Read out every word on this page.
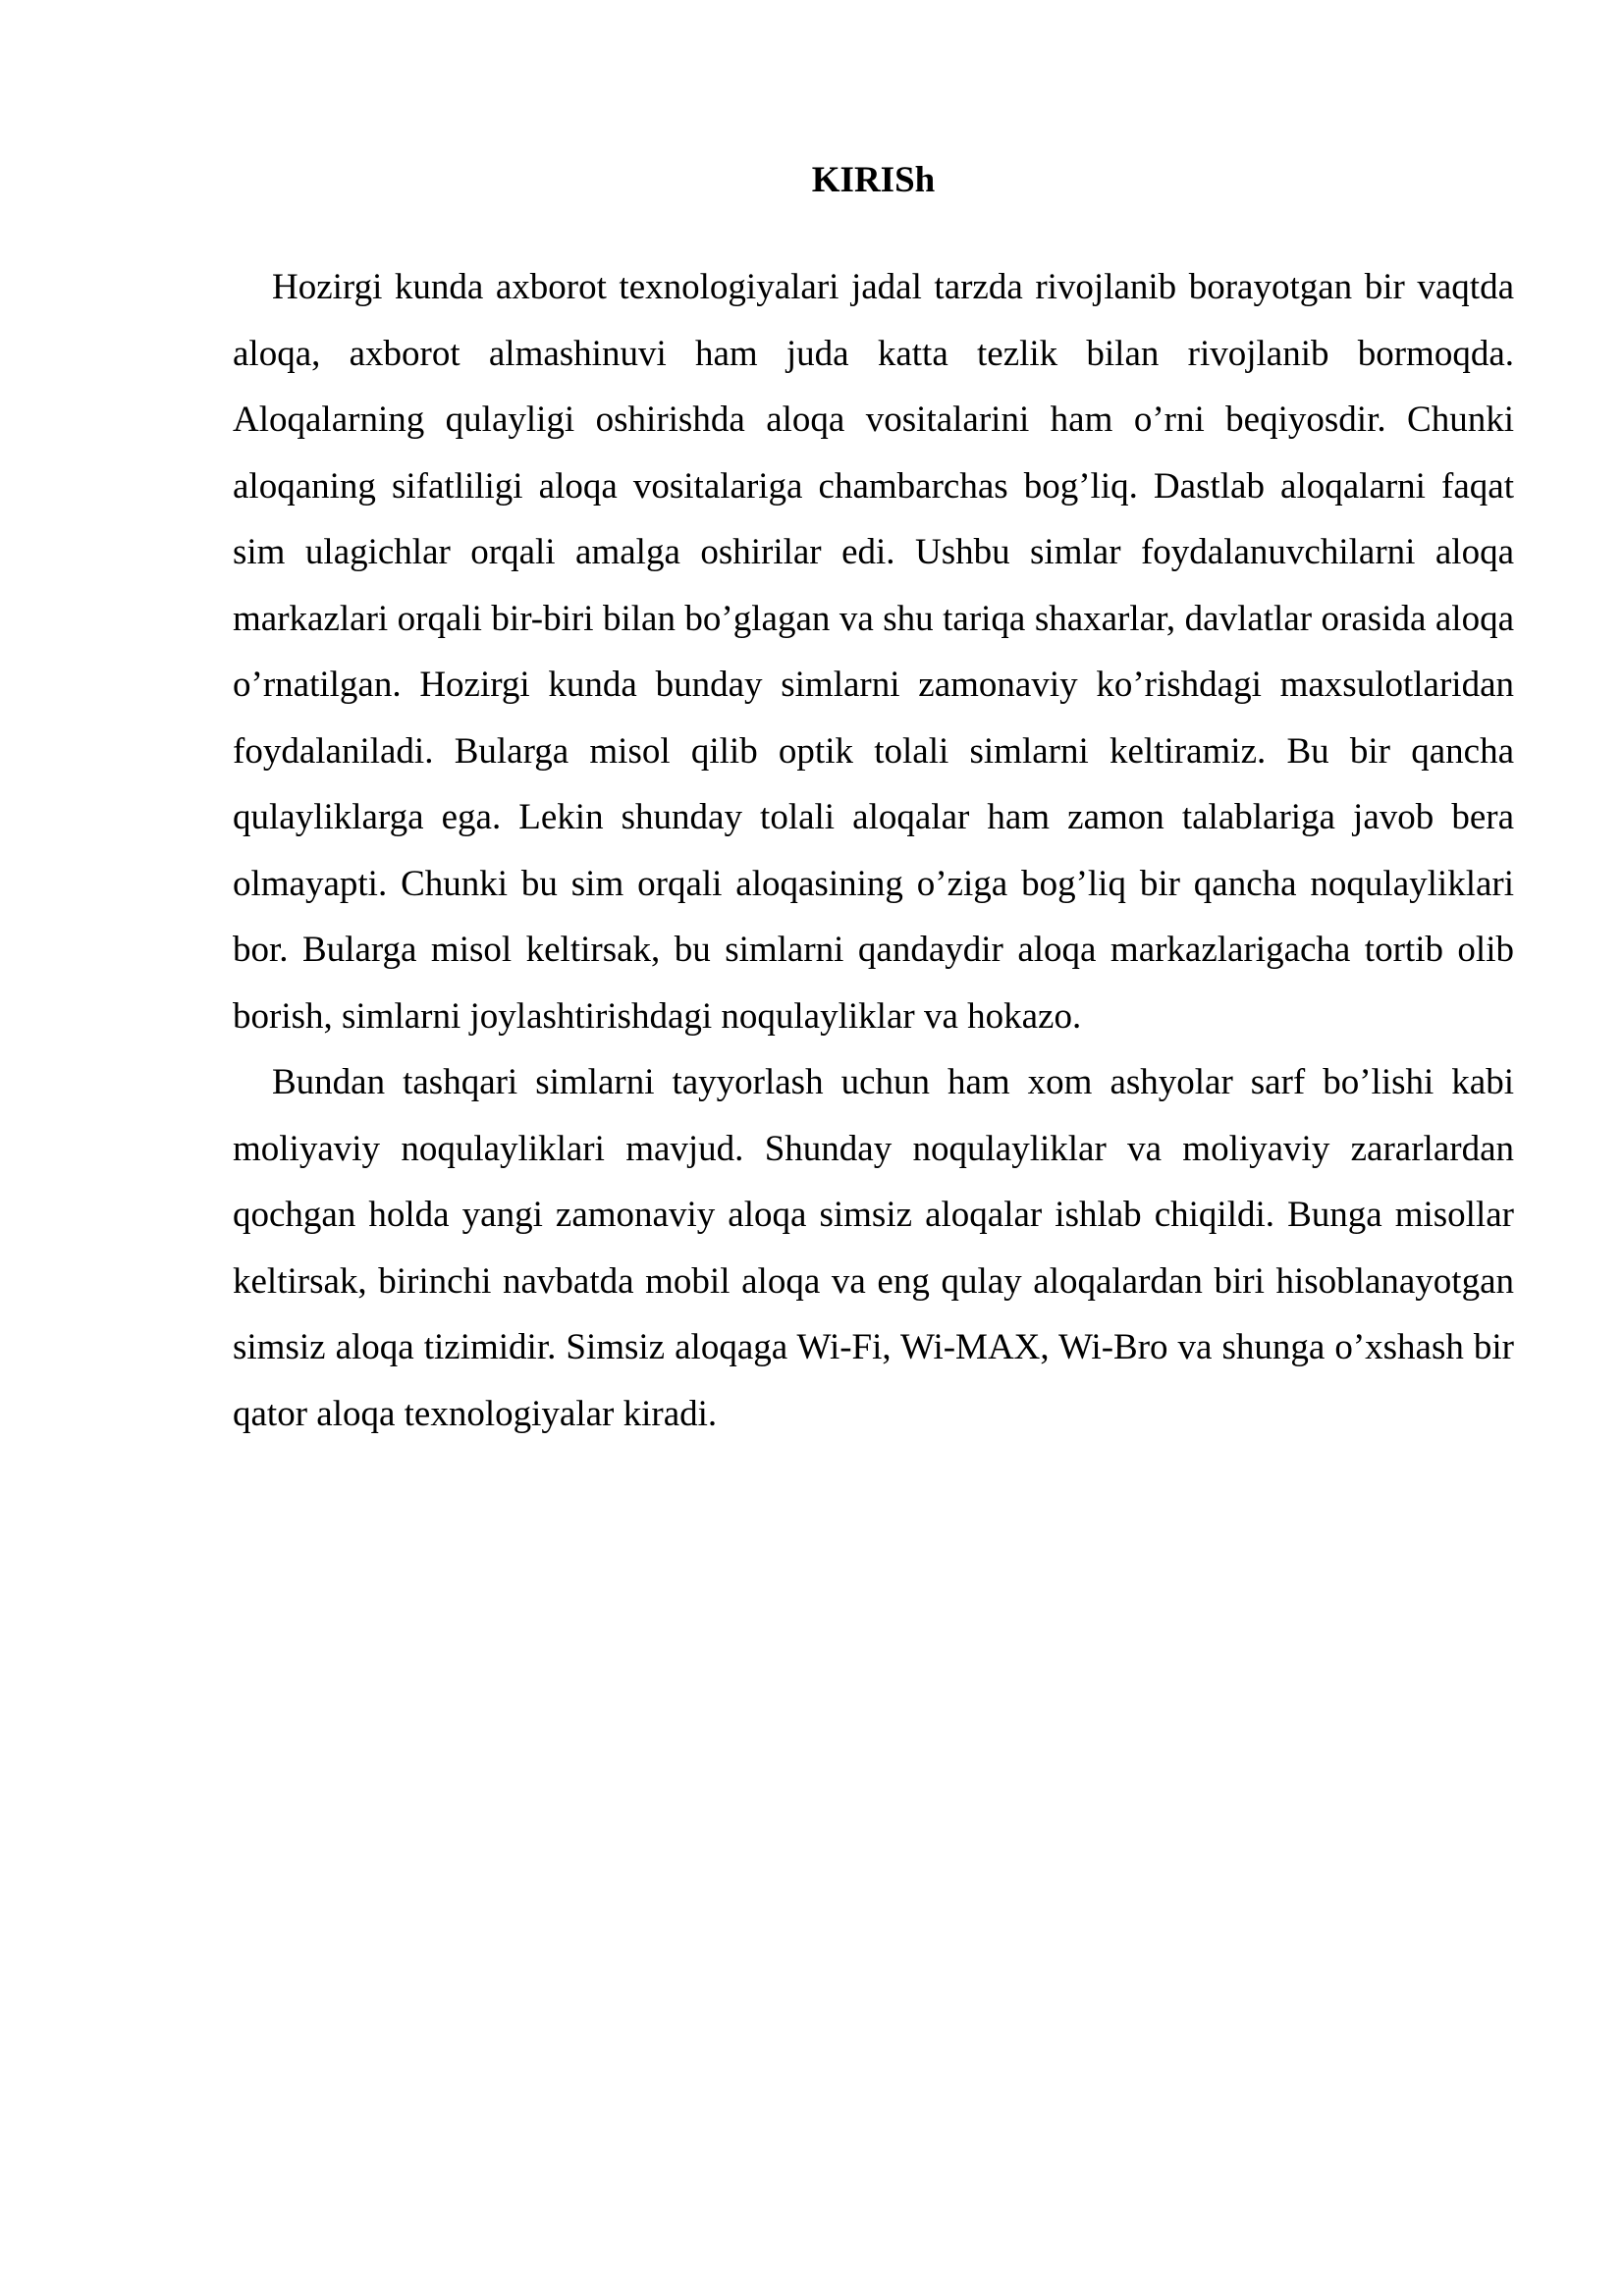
KIRISh

Hozirgi kunda axborot texnologiyalari jadal tarzda rivojlanib borayotgan bir vaqtda aloqa, axborot almashinuvi ham juda katta tezlik bilan rivojlanib bormoqda. Aloqalarning qulayligi oshirishda aloqa vositalarini ham o’rni beqiyosdir. Chunki aloqaning sifatliligi aloqa vositalariga chambarchas bog’liq. Dastlab aloqalarni faqat sim ulagichlar orqali amalga oshirilar edi. Ushbu simlar foydalanuvchilarni aloqa markazlari orqali bir-biri bilan bo’glagan va shu tariqa shaxarlar, davlatlar orasida aloqa o’rnatilgan. Hozirgi kunda bunday simlarni zamonaviy ko’rishdagi maxsulotlaridan foydalaniladi. Bularga misol qilib optik tolali simlarni keltiramiz. Bu bir qancha qulayliklarga ega. Lekin shunday tolali aloqalar ham zamon talablariga javob bera olmayapti. Chunki bu sim orqali aloqasining o’ziga bog’liq bir qancha noqulayliklari bor. Bularga misol keltirsak, bu simlarni qandaydir aloqa markazlarigacha tortib olib borish, simlarni joylashtirishdagi noqulayliklar va hokazo.

Bundan tashqari simlarni tayyorlash uchun ham xom ashyolar sarf bo’lishi kabi moliyaviy noqulayliklari mavjud. Shunday noqulayliklar va moliyaviy zararlardan qochgan holda yangi zamonaviy aloqa simsiz aloqalar ishlab chiqildi. Bunga misollar keltirsak, birinchi navbatda mobil aloqa va eng qulay aloqalardan biri hisoblanayotgan simsiz aloqa tizimidir. Simsiz aloqaga Wi-Fi, Wi-MAX, Wi-Bro va shunga o’xshash bir qator aloqa texnologiyalar kiradi.
